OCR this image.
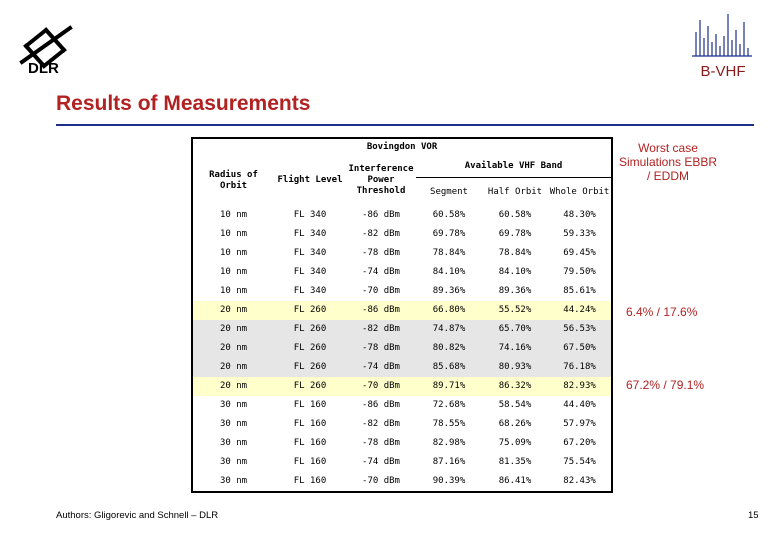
DLR	B-VHF
Results of Measurements
Bovingdon VOR					
Radius of Orbit	Flight Level	Interference Power Threshold	Available VHF Band		
			Segment	Half Orbit	Whole Orbit
10 nm	FL 340	-86 dBm	60.58%	60.58%	48.30%
10 nm	FL 340	-82 dBm	69.78%	69.78%	59.33%
10 nm	FL 340	-78 dBm	78.84%	78.84%	69.45%
10 nm	FL 340	-74 dBm	84.10%	84.10%	79.50%
10 nm	FL 340	-70 dBm	89.36%	89.36%	85.61%
20 nm	FL 260	-86 dBm	66.80%	55.52%	44.24%
20 nm	FL 260	-82 dBm	74.87%	65.70%	56.53%
20 nm	FL 260	-78 dBm	80.82%	74.16%	67.50%
20 nm	FL 260	-74 dBm	85.68%	80.93%	76.18%
20 nm	FL 260	-70 dBm	89.71%	86.32%	82.93%
30 nm	FL 160	-86 dBm	72.68%	58.54%	44.40%
30 nm	FL 160	-82 dBm	78.55%	68.26%	57.97%
30 nm	FL 160	-78 dBm	82.98%	75.09%	67.20%
30 nm	FL 160	-74 dBm	87.16%	81.35%	75.54%
30 nm	FL 160	-70 dBm	90.39%	86.41%	82.43%
Worst case Simulations EBBR / EDDM
6.4% / 17.6%
67.2% / 79.1%
Authors: Gligorevic and Schnell – DLR	15
